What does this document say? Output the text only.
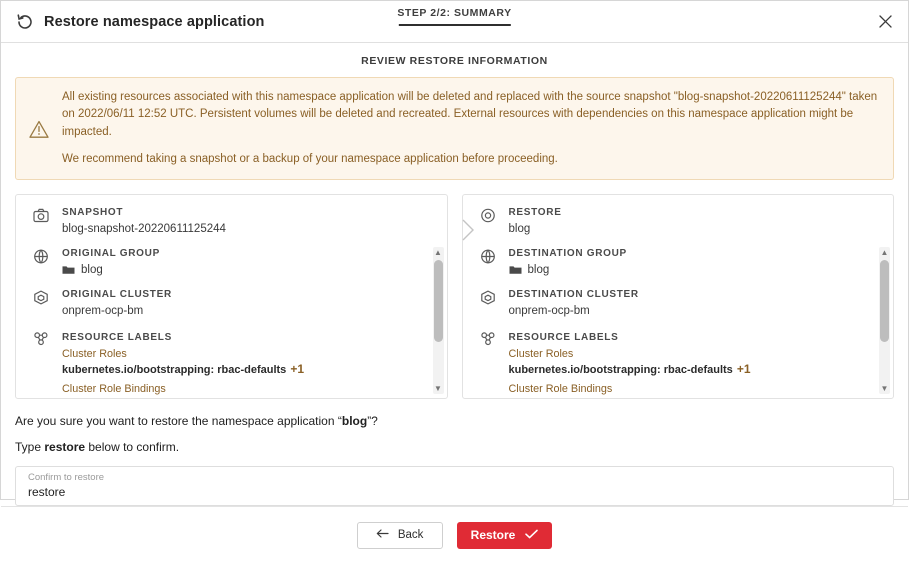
Restore namespace application
STEP 2/2: SUMMARY
REVIEW RESTORE INFORMATION
All existing resources associated with this namespace application will be deleted and replaced with the source snapshot "blog-snapshot-20220611125244" taken on 2022/06/11 12:52 UTC. Persistent volumes will be deleted and recreated. External resources with dependencies on this namespace application might be impacted.
We recommend taking a snapshot or a backup of your namespace application before proceeding.
SNAPSHOT
blog-snapshot-20220611125244
ORIGINAL GROUP
blog
ORIGINAL CLUSTER
onprem-ocp-bm
RESOURCE LABELS
Cluster Roles
kubernetes.io/bootstrapping: rbac-defaults +1
Cluster Role Bindings
▲
▼
RESTORE
blog
DESTINATION GROUP
blog
DESTINATION CLUSTER
onprem-ocp-bm
RESOURCE LABELS
Cluster Roles
kubernetes.io/bootstrapping: rbac-defaults +1
Cluster Role Bindings
▲
▼
Are you sure you want to restore the namespace application “blog”?
Type restore below to confirm.
Confirm to restore
restore
Back	Restore
